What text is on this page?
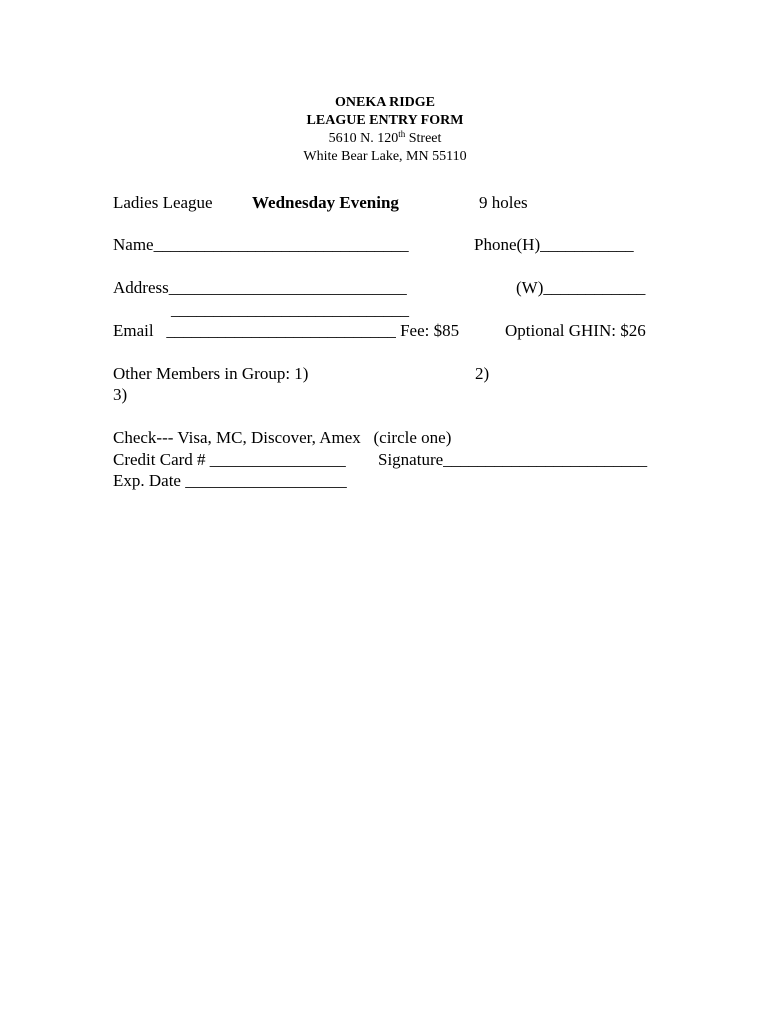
ONEKA RIDGE
LEAGUE ENTRY FORM
5610 N. 120th Street
White Bear Lake, MN 55110
Ladies League Wednesday Evening	9 holes
Name______________________________	Phone(H)___________
Address____________________________	(W)____________
____________________________
Email   ___________________________ Fee: $85	Optional GHIN: $26
Other Members in Group: 1)	2)
3)
Check--- Visa, MC, Discover, Amex   (circle one)
Credit Card # ________________ Signature________________________
Exp. Date ___________________
